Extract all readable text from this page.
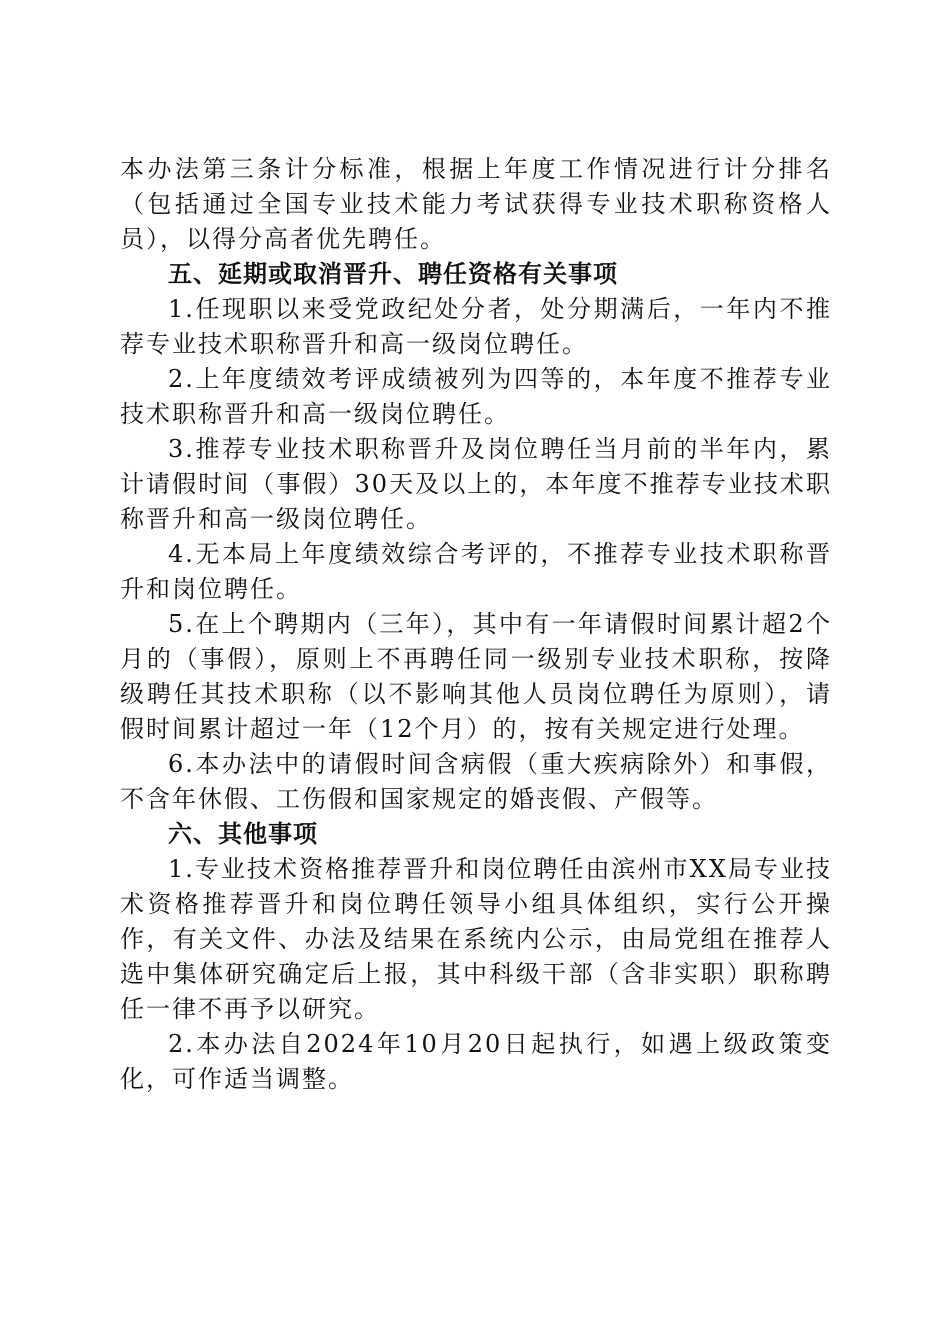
本办法第三条计分标准，根据上年度工作情况进行计分排名（包括通过全国专业技术能力考试获得专业技术职称资格人员），以得分高者优先聘任。

五、延期或取消晋升、聘任资格有关事项

1.任现职以来受党政纪处分者，处分期满后，一年内不推荐专业技术职称晋升和高一级岗位聘任。

2.上年度绩效考评成绩被列为四等的，本年度不推荐专业技术职称晋升和高一级岗位聘任。

3.推荐专业技术职称晋升及岗位聘任当月前的半年内，累计请假时间（事假）30天及以上的，本年度不推荐专业技术职称晋升和高一级岗位聘任。

4.无本局上年度绩效综合考评的，不推荐专业技术职称晋升和岗位聘任。

5.在上个聘期内（三年），其中有一年请假时间累计超2个月的（事假），原则上不再聘任同一级别专业技术职称，按降级聘任其技术职称（以不影响其他人员岗位聘任为原则），请假时间累计超过一年（12个月）的，按有关规定进行处理。

6.本办法中的请假时间含病假（重大疾病除外）和事假，不含年休假、工伤假和国家规定的婚丧假、产假等。

六、其他事项

1.专业技术资格推荐晋升和岗位聘任由滨州市XX局专业技术资格推荐晋升和岗位聘任领导小组具体组织，实行公开操作，有关文件、办法及结果在系统内公示，由局党组在推荐人选中集体研究确定后上报，其中科级干部（含非实职）职称聘任一律不再予以研究。

2.本办法自2024年10月20日起执行，如遇上级政策变化，可作适当调整。
